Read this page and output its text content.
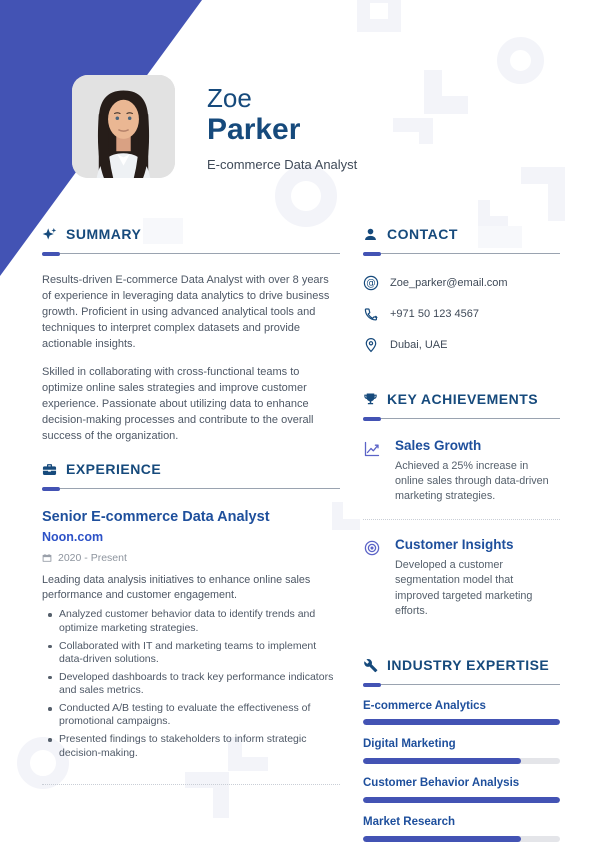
Zoe
Parker
E-commerce Data Analyst
SUMMARY

Results-driven E-commerce Data Analyst with over 8 years of experience in leveraging data analytics to drive business growth. Proficient in using advanced analytical tools and techniques to interpret complex datasets and provide actionable insights.

Skilled in collaborating with cross-functional teams to optimize online sales strategies and improve customer experience. Passionate about utilizing data to enhance decision-making processes and contribute to the overall success of the organization.

EXPERIENCE
Senior E-commerce Data Analyst
Noon.com
2020 - Present

Leading data analysis initiatives to enhance online sales performance and customer engagement.

Analyzed customer behavior data to identify trends and optimize marketing strategies.
Collaborated with IT and marketing teams to implement data-driven solutions.
Developed dashboards to track key performance indicators and sales metrics.
Conducted A/B testing to evaluate the effectiveness of promotional campaigns.
Presented findings to stakeholders to inform strategic decision-making.
CONTACT
@ Zoe_parker@email.com
+971 50 123 4567
Dubai, UAE
KEY ACHIEVEMENTS
Sales Growth

Achieved a 25% increase in online sales through data-driven marketing strategies.

Customer Insights

Developed a customer segmentation model that improved targeted marketing efforts.

INDUSTRY EXPERTISE
E-commerce Analytics
Digital Marketing
Customer Behavior Analysis
Market Research
